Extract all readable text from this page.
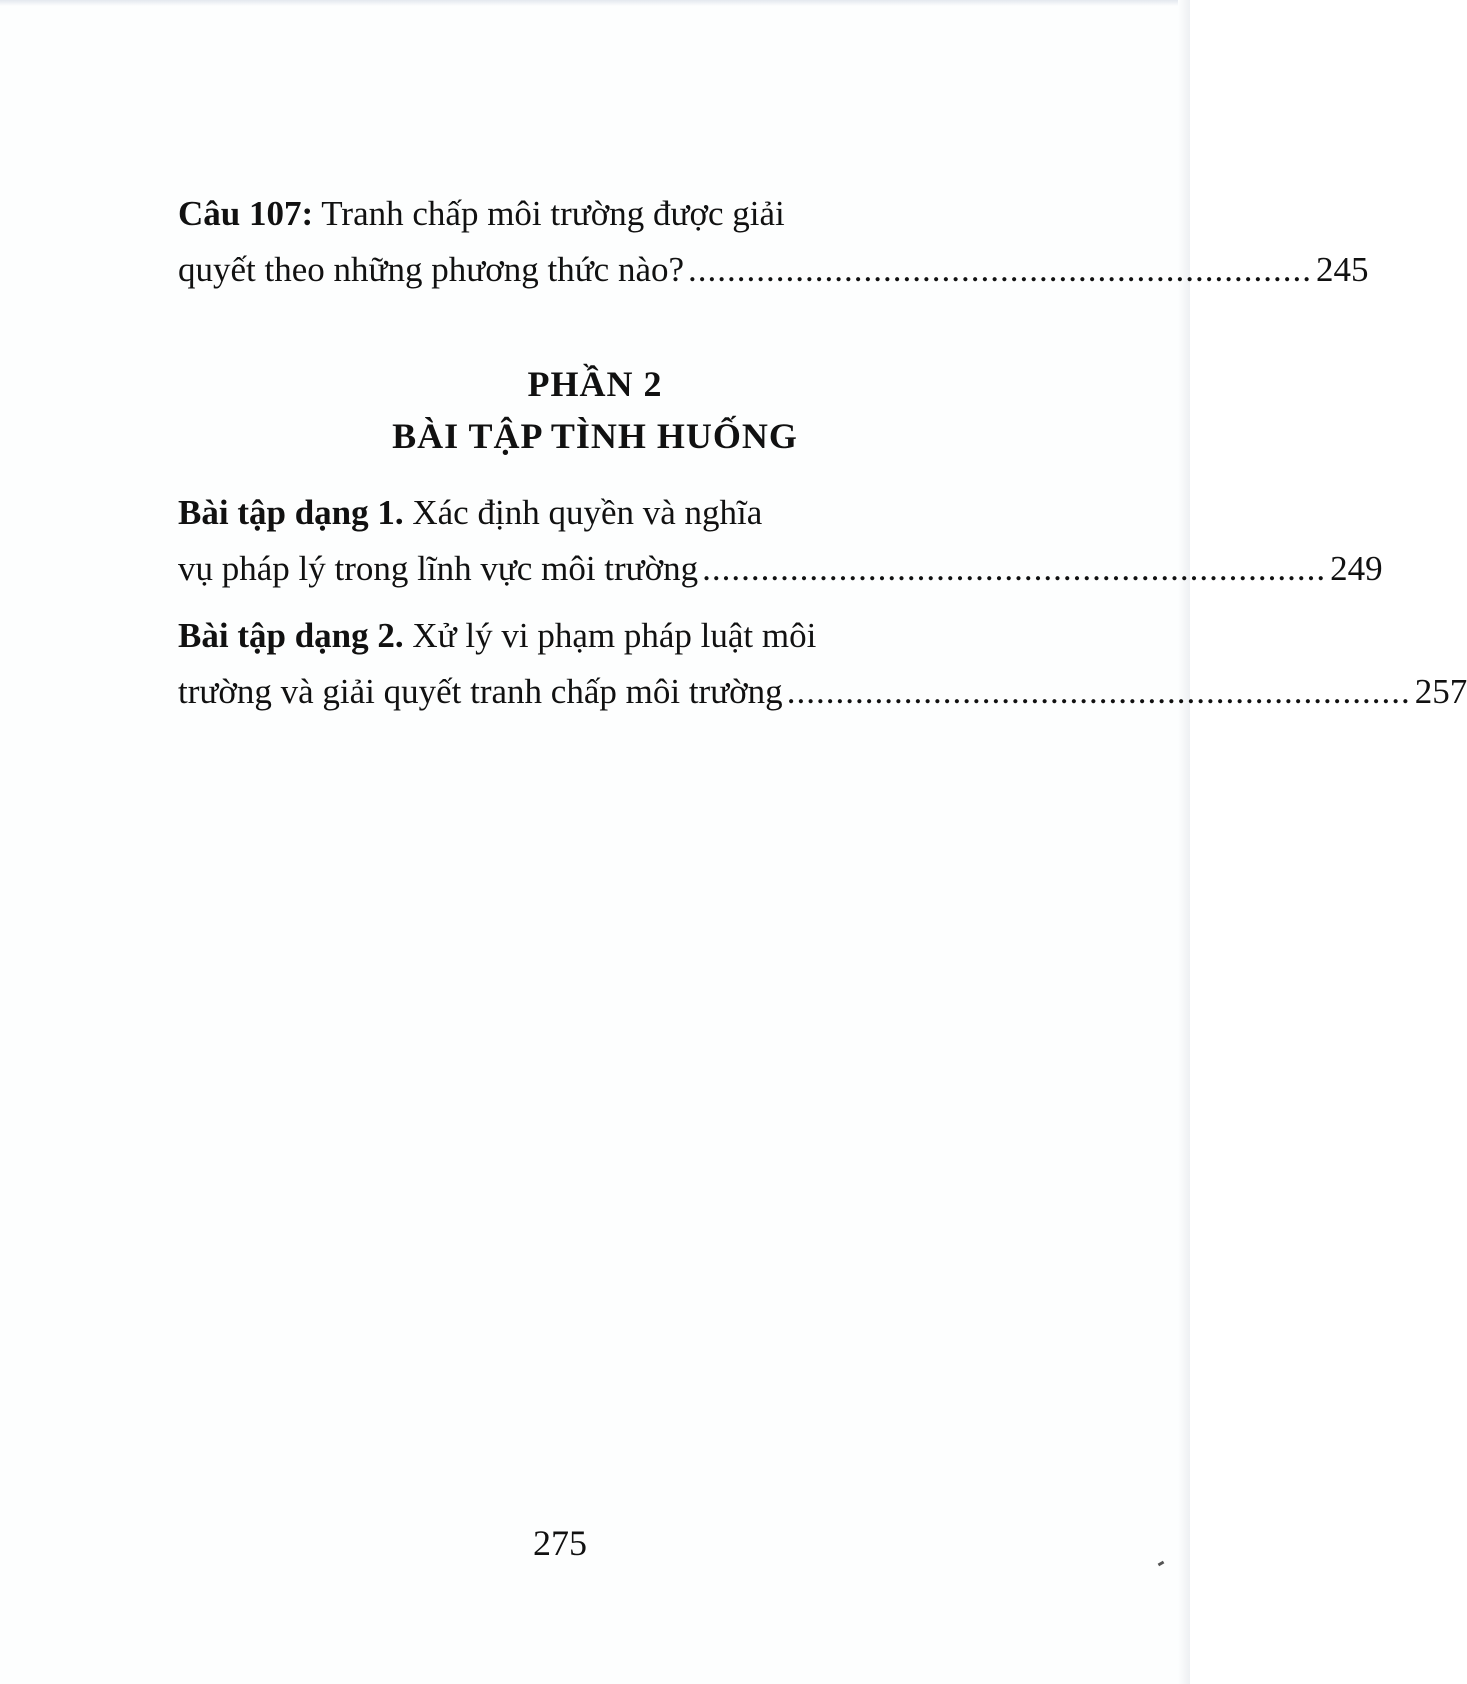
Câu 107: Tranh chấp môi trường được giải
quyết theo những phương thức nào? ................................................................ 245
PHẦN 2
BÀI TẬP TÌNH HUỐNG
Bài tập dạng 1. Xác định quyền và nghĩa
vụ pháp lý trong lĩnh vực môi trường ................................................................ 249
Bài tập dạng 2. Xử lý vi phạm pháp luật môi
trường và giải quyết tranh chấp môi trường ................................................................ 257
275
